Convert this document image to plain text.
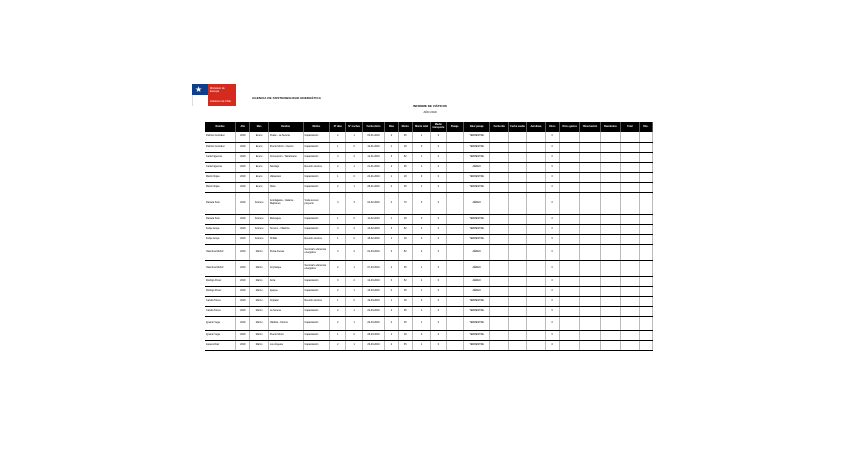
★	Ministerio de Energía
Gobierno de Chile
AGENCIA DE SOSTENIBILIDAD ENERGÉTICA
INFORME DE VIÁTICOS
AÑO 2019
Nombre	Año	Mes	Destino	Motivo	N° días	N° noches	Fecha inicio	Días	Monto	Monto total	Medio transporte	Pasaje	Valor pasaje	Fecha ida	Fecha vuelta	Aerolínea	Otros	Otros gastos	Observación	Reembolso	Total	Obs.
Patricio Gonzalez	2019	Enero	Ovalle - La Serena	Capacitación	2	1	03-01-2019	2	35	1	0		TERRESTRE				0					
Patricio Gonzalez	2019	Enero	Puerto Montt - Osorno	Capacitación	1	0	10-01-2019	1	18	0	0		TERRESTRE				0					
Carla Figueroa	2019	Enero	Concepción - Talcahuano	Capacitación	3	2	14-01-2019	3	52	1	0		TERRESTRE				0					
Carla Figueroa	2019	Enero	Santiago	Reunión técnica	2	1	21-01-2019	2	35	1	0		AÉREO				0					
Martín Rojas	2019	Enero	Valparaíso	Capacitación	1	0	24-01-2019	1	18	0	0		TERRESTRE				0					
Martín Rojas	2019	Enero	Talca	Capacitación	2	1	28-01-2019	2	35	1	0		TERRESTRE				0					
Daniela Soto	2019	Febrero	Antofagasta - Calama - Mejillones	Visita terreno proyecto	4	3	04-02-2019	4	70	3	0		AÉREO				0					
Daniela Soto	2019	Febrero	Rancagua	Capacitación	1	0	11-02-2019	1	18	0	0		TERRESTRE				0					
Felipe Araya	2019	Febrero	Temuco - Villarrica	Capacitación	3	2	13-02-2019	3	52	2	0		TERRESTRE				0					
Felipe Araya	2019	Febrero	Chillán	Reunión técnica	1	0	18-02-2019	1	18	0	0		TERRESTRE				0					
Valentina Muñoz	2019	Marzo	Punta Arenas	Seminario eficiencia energética	3	2	04-03-2019	3	52	2	0		AÉREO				0					
Valentina Muñoz	2019	Marzo	Coyhaique	Seminario eficiencia energética	2	1	07-03-2019	2	35	1	0		AÉREO				0					
Rodrigo Pérez	2019	Marzo	Arica	Capacitación	3	2	12-03-2019	3	52	2	0		AÉREO				0					
Rodrigo Pérez	2019	Marzo	Iquique	Capacitación	2	1	15-03-2019	2	35	1	0		AÉREO				0					
Camila Torres	2019	Marzo	Copiapó	Reunión técnica	1	0	19-03-2019	1	18	0	0		TERRESTRE				0					
Camila Torres	2019	Marzo	La Serena	Capacitación	2	1	22-03-2019	2	35	1	0		TERRESTRE				0					
Ignacio Vega	2019	Marzo	Valdivia - Osorno	Capacitación	2	1	26-03-2019	2	35	1	0		TERRESTRE				0					
Ignacio Vega	2019	Marzo	Puerto Montt	Capacitación	1	0	28-03-2019	1	18	0	0		TERRESTRE				0					
Javiera Díaz	2019	Marzo	Los Ángeles	Capacitación	2	1	29-03-2019	2	35	1	0		TERRESTRE				0					
